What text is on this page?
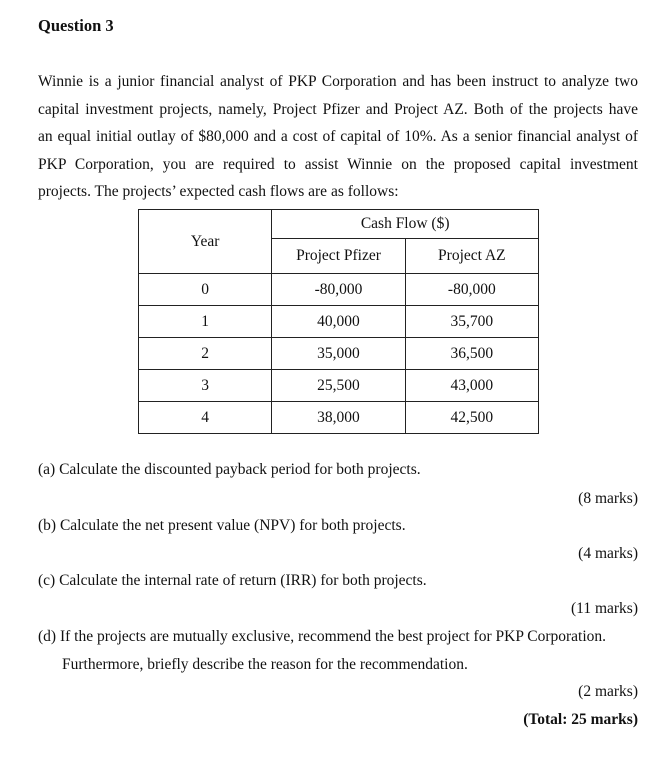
Question 3
Winnie is a junior financial analyst of PKP Corporation and has been instruct to analyze two
capital investment projects, namely, Project Pfizer and Project AZ. Both of the projects have
an equal initial outlay of $80,000 and a cost of capital of 10%. As a senior financial analyst of
PKP Corporation, you are required to assist Winnie on the proposed capital investment
projects. The projects’ expected cash flows are as follows:
Year	Cash Flow ($)	
	Project Pfizer	Project AZ
0	-80,000	-80,000
1	40,000	35,700
2	35,000	36,500
3	25,500	43,000
4	38,000	42,500
(a) Calculate the discounted payback period for both projects.
(8 marks)
(b) Calculate the net present value (NPV) for both projects.
(4 marks)
(c) Calculate the internal rate of return (IRR) for both projects.
(11 marks)
(d) If the projects are mutually exclusive, recommend the best project for PKP Corporation.
Furthermore, briefly describe the reason for the recommendation.
(2 marks)
(Total: 25 marks)
